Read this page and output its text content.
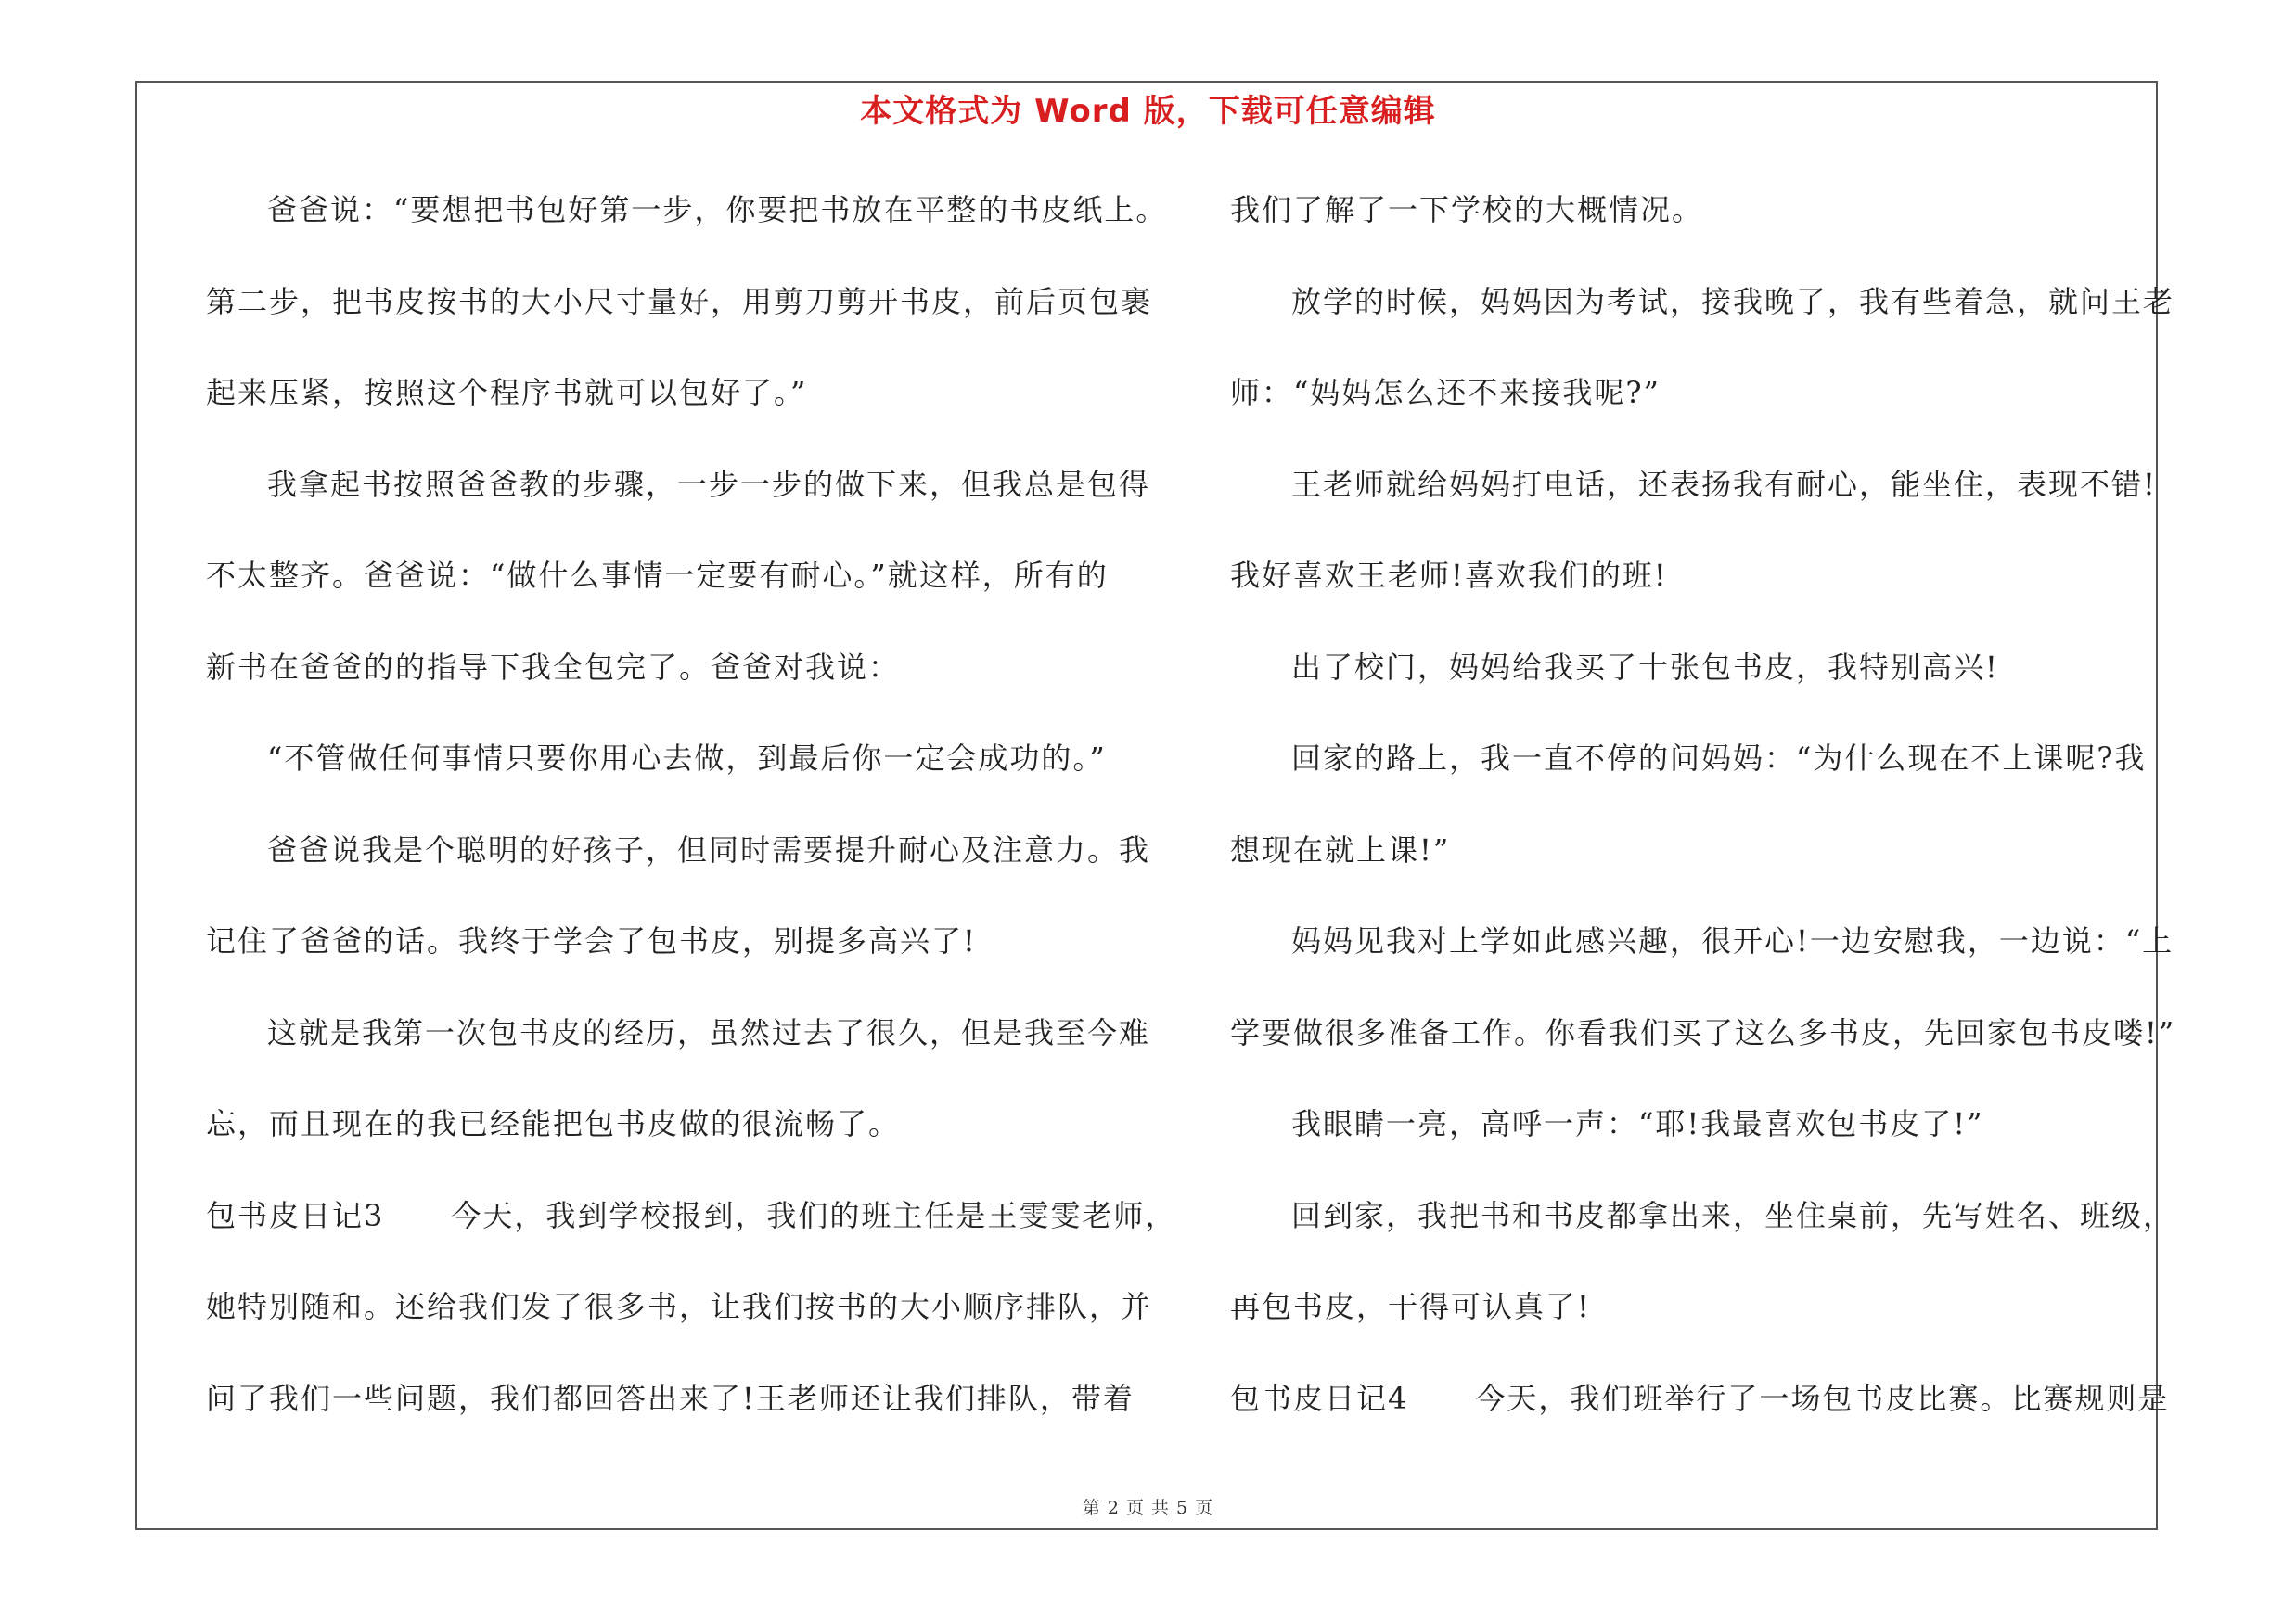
本文格式为 Word 版，下载可任意编辑
爸爸说：“要想把书包好第一步，你要把书放在平整的书皮纸上。
第二步，把书皮按书的大小尺寸量好，用剪刀剪开书皮，前后页包裹
起来压紧，按照这个程序书就可以包好了。”
我拿起书按照爸爸教的步骤，一步一步的做下来，但我总是包得
不太整齐。爸爸说：“做什么事情一定要有耐心。”就这样，所有的
新书在爸爸的的指导下我全包完了。爸爸对我说：
“不管做任何事情只要你用心去做，到最后你一定会成功的。”
爸爸说我是个聪明的好孩子，但同时需要提升耐心及注意力。我
记住了爸爸的话。我终于学会了包书皮，别提多高兴了!
这就是我第一次包书皮的经历，虽然过去了很久，但是我至今难
忘，而且现在的我已经能把包书皮做的很流畅了。
包书皮日记3 今天，我到学校报到，我们的班主任是王雯雯老师，
她特别随和。还给我们发了很多书，让我们按书的大小顺序排队，并
问了我们一些问题，我们都回答出来了!王老师还让我们排队，带着
我们了解了一下学校的大概情况。
放学的时候，妈妈因为考试，接我晚了，我有些着急，就问王老
师：“妈妈怎么还不来接我呢?”
王老师就给妈妈打电话，还表扬我有耐心，能坐住，表现不错!
我好喜欢王老师!喜欢我们的班!
出了校门，妈妈给我买了十张包书皮，我特别高兴!
回家的路上，我一直不停的问妈妈：“为什么现在不上课呢?我
想现在就上课!”
妈妈见我对上学如此感兴趣，很开心!一边安慰我，一边说：“上
学要做很多准备工作。你看我们买了这么多书皮，先回家包书皮喽!”
我眼睛一亮，高呼一声：“耶!我最喜欢包书皮了!”
回到家，我把书和书皮都拿出来，坐住桌前，先写姓名、班级，
再包书皮，干得可认真了!
包书皮日记4 今天，我们班举行了一场包书皮比赛。比赛规则是
第 2 页 共 5 页
